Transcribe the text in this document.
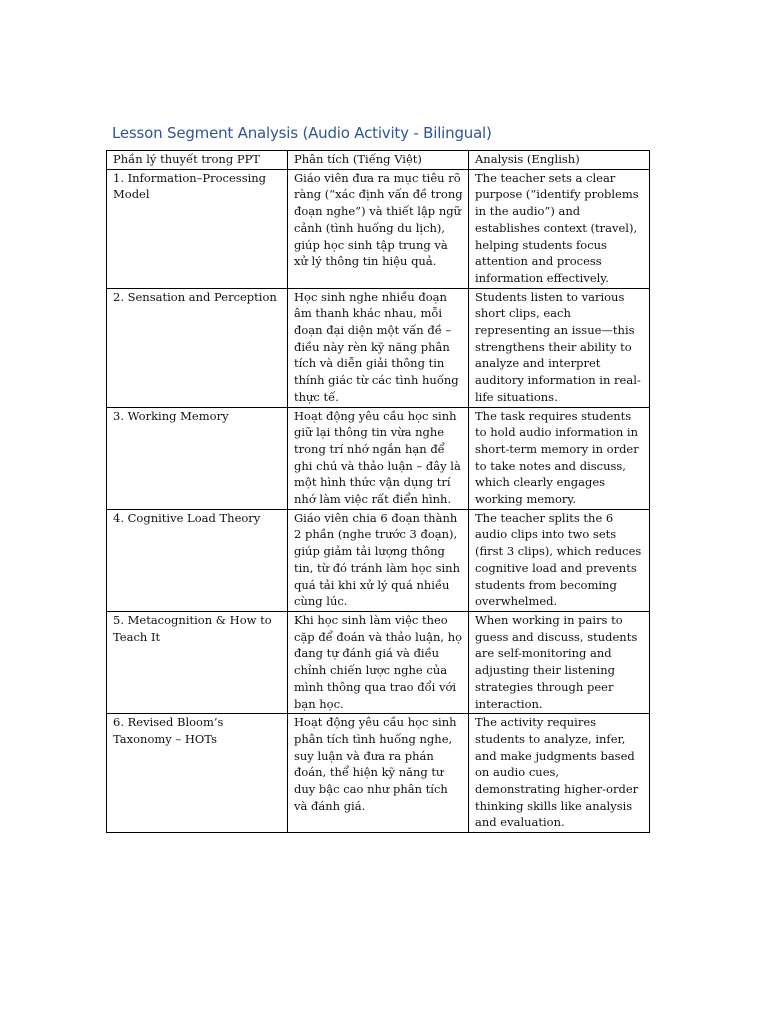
Lesson Segment Analysis (Audio Activity - Bilingual)
Phần lý thuyết trong PPT	Phân tích (Tiếng Việt)	Analysis (English)
1. Information–Processing Model	Giáo viên đưa ra mục tiêu rõ ràng (“xác định vấn đề trong đoạn nghe”) và thiết lập ngữ cảnh (tình huống du lịch), giúp học sinh tập trung và xử lý thông tin hiệu quả.	The teacher sets a clear purpose (“identify problems in the audio”) and establishes context (travel), helping students focus attention and process information effectively.
2. Sensation and Perception	Học sinh nghe nhiều đoạn âm thanh khác nhau, mỗi đoạn đại diện một vấn đề – điều này rèn kỹ năng phân tích và diễn giải thông tin thính giác từ các tình huống thực tế.	Students listen to various short clips, each representing an issue—this strengthens their ability to analyze and interpret auditory information in real-life situations.
3. Working Memory	Hoạt động yêu cầu học sinh giữ lại thông tin vừa nghe trong trí nhớ ngắn hạn để ghi chú và thảo luận – đây là một hình thức vận dụng trí nhớ làm việc rất điển hình.	The task requires students to hold audio information in short-term memory in order to take notes and discuss, which clearly engages working memory.
4. Cognitive Load Theory	Giáo viên chia 6 đoạn thành 2 phần (nghe trước 3 đoạn), giúp giảm tải lượng thông tin, từ đó tránh làm học sinh quá tải khi xử lý quá nhiều cùng lúc.	The teacher splits the 6 audio clips into two sets (first 3 clips), which reduces cognitive load and prevents students from becoming overwhelmed.
5. Metacognition & How to Teach It	Khi học sinh làm việc theo cặp để đoán và thảo luận, họ đang tự đánh giá và điều chỉnh chiến lược nghe của mình thông qua trao đổi với bạn học.	When working in pairs to guess and discuss, students are self-monitoring and adjusting their listening strategies through peer interaction.
6. Revised Bloom’s Taxonomy – HOTs	Hoạt động yêu cầu học sinh phân tích tình huống nghe, suy luận và đưa ra phán đoán, thể hiện kỹ năng tư duy bậc cao như phân tích và đánh giá.	The activity requires students to analyze, infer, and make judgments based on audio cues, demonstrating higher-order thinking skills like analysis and evaluation.
